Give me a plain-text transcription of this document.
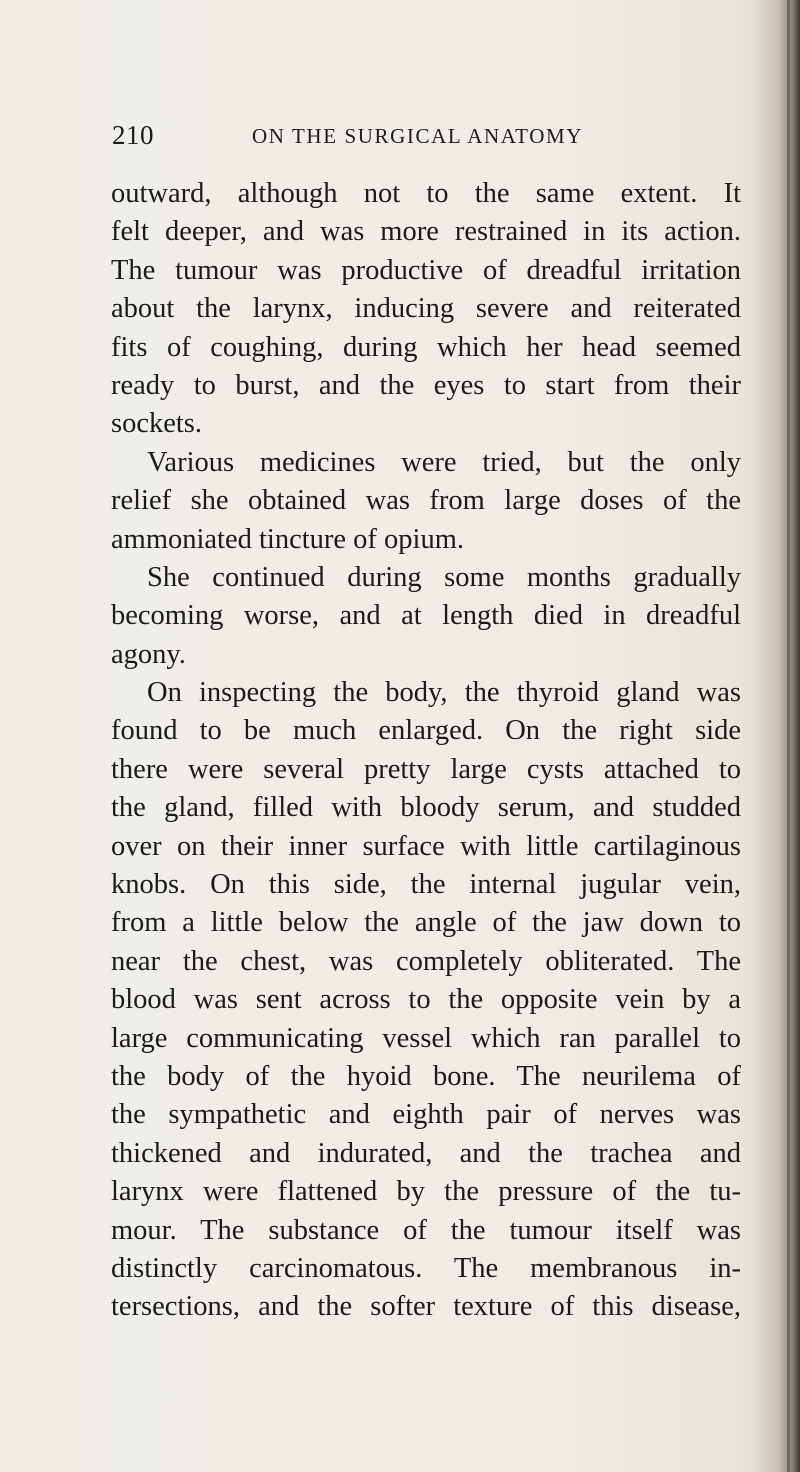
210	ON THE SURGICAL ANATOMY
outward, although not to the same extent. It
felt deeper, and was more restrained in its action.
The tumour was productive of dreadful irritation
about the larynx, inducing severe and reiterated
fits of coughing, during which her head seemed
ready to burst, and the eyes to start from their
sockets.
Various medicines were tried, but the only
relief she obtained was from large doses of the
ammoniated tincture of opium.
She continued during some months gradually
becoming worse, and at length died in dreadful
agony.
On inspecting the body, the thyroid gland was
found to be much enlarged. On the right side
there were several pretty large cysts attached to
the gland, filled with bloody serum, and studded
over on their inner surface with little cartilaginous
knobs. On this side, the internal jugular vein,
from a little below the angle of the jaw down to
near the chest, was completely obliterated. The
blood was sent across to the opposite vein by a
large communicating vessel which ran parallel to
the body of the hyoid bone. The neurilema of
the sympathetic and eighth pair of nerves was
thickened and indurated, and the trachea and
larynx were flattened by the pressure of the tu-
mour. The substance of the tumour itself was
distinctly carcinomatous. The membranous in-
tersections, and the softer texture of this disease,
